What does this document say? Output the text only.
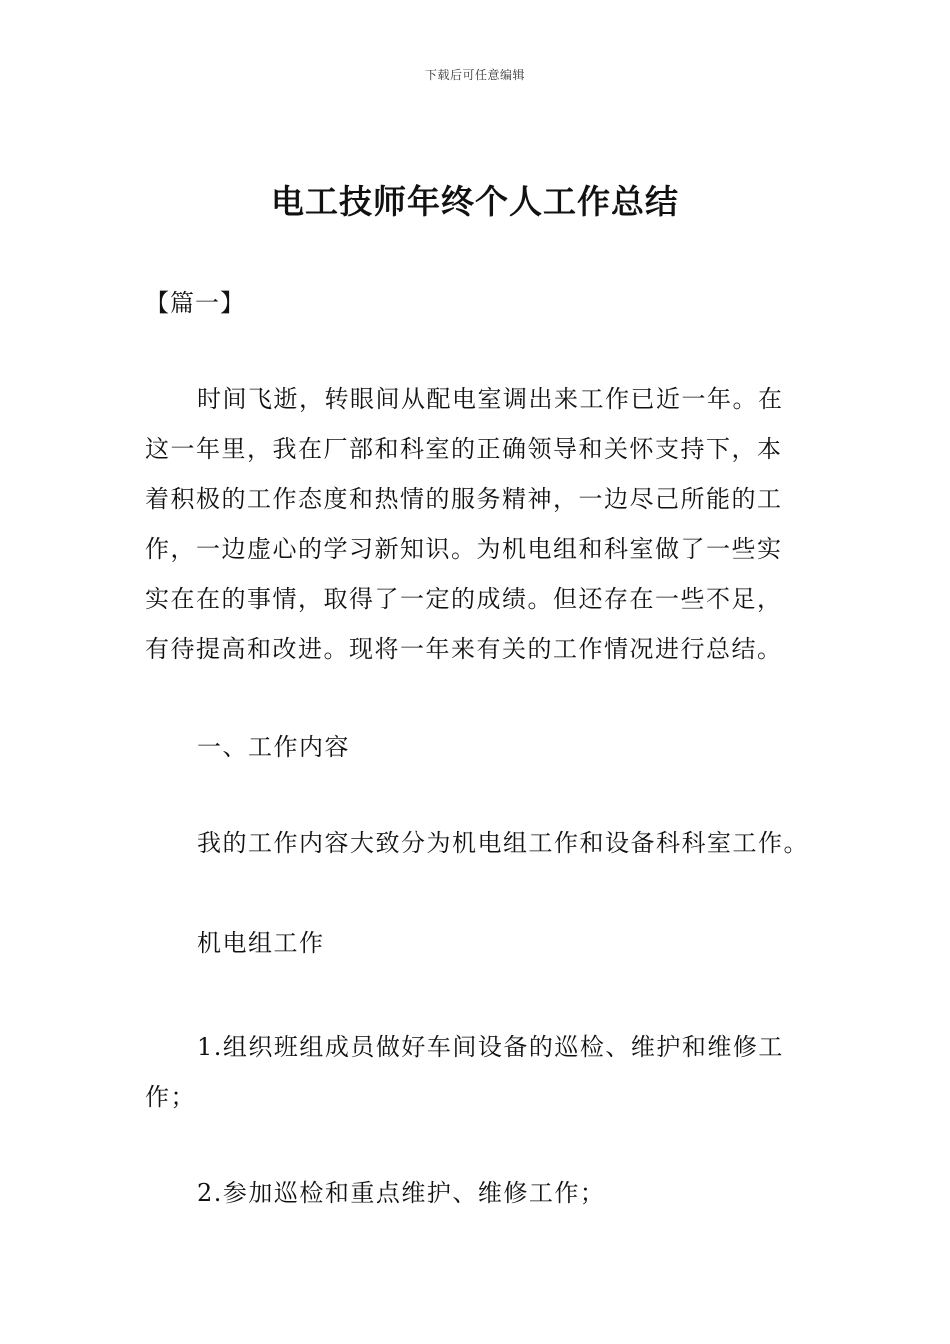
下载后可任意编辑
电工技师年终个人工作总结
【篇一】

时间飞逝，转眼间从配电室调出来工作已近一年。在
这一年里，我在厂部和科室的正确领导和关怀支持下，本
着积极的工作态度和热情的服务精神，一边尽己所能的工
作，一边虚心的学习新知识。为机电组和科室做了一些实
实在在的事情，取得了一定的成绩。但还存在一些不足，
有待提高和改进。现将一年来有关的工作情况进行总结。

一、工作内容

我的工作内容大致分为机电组工作和设备科科室工作。

机电组工作

1.组织班组成员做好车间设备的巡检、维护和维修工
作；

2.参加巡检和重点维护、维修工作；
